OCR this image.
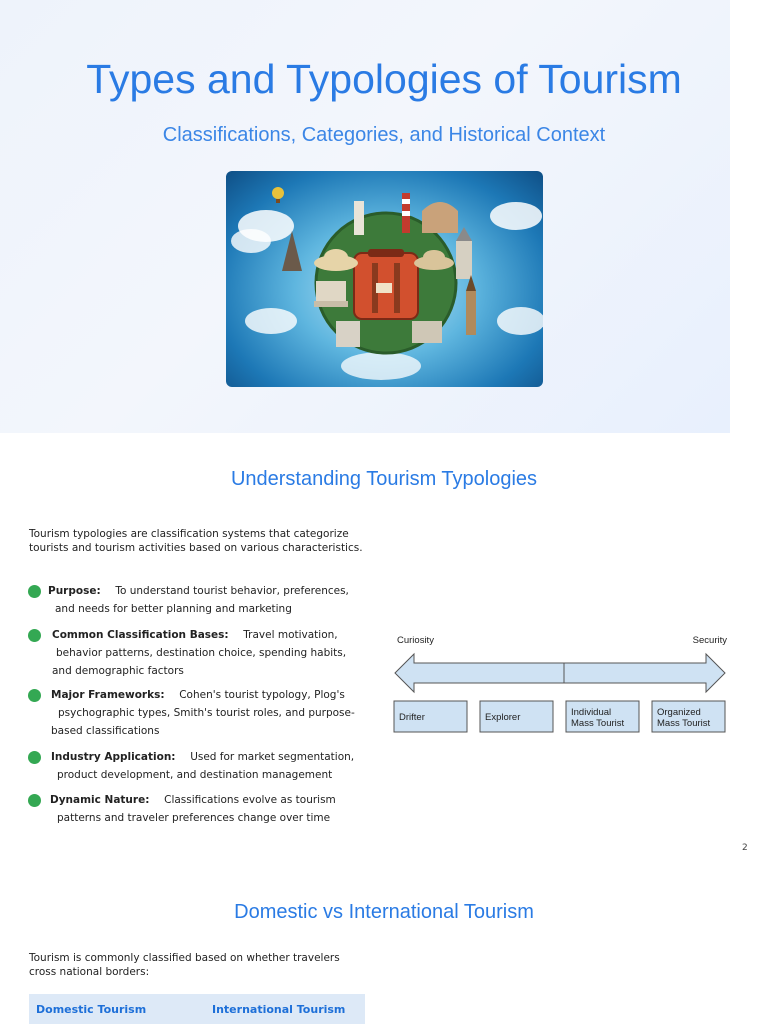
Types and Typologies of Tourism
Classifications, Categories, and Historical Context
Understanding Tourism Typologies
Tourism typologies are classification systems that categorize
tourists and tourism activities based on various characteristics.
Purpose: To understand tourist behavior, preferences,
and needs for better planning and marketing
Common Classification Bases: Travel motivation,
behavior patterns, destination choice, spending habits,
and demographic factors
Major Frameworks: Cohen's tourist typology, Plog's
psychographic types, Smith's tourist roles, and purpose-
based classifications
Industry Application: Used for market segmentation,
product development, and destination management
Dynamic Nature: Classifications evolve as tourism
patterns and traveler preferences change over time
Curiosity	Security
Drifter	Explorer	Individual
Mass Tourist
Organized
Mass Tourist
2
Domestic vs International Tourism
Tourism is commonly classified based on whether travelers
cross national borders:
Domestic Tourism	International Tourism
